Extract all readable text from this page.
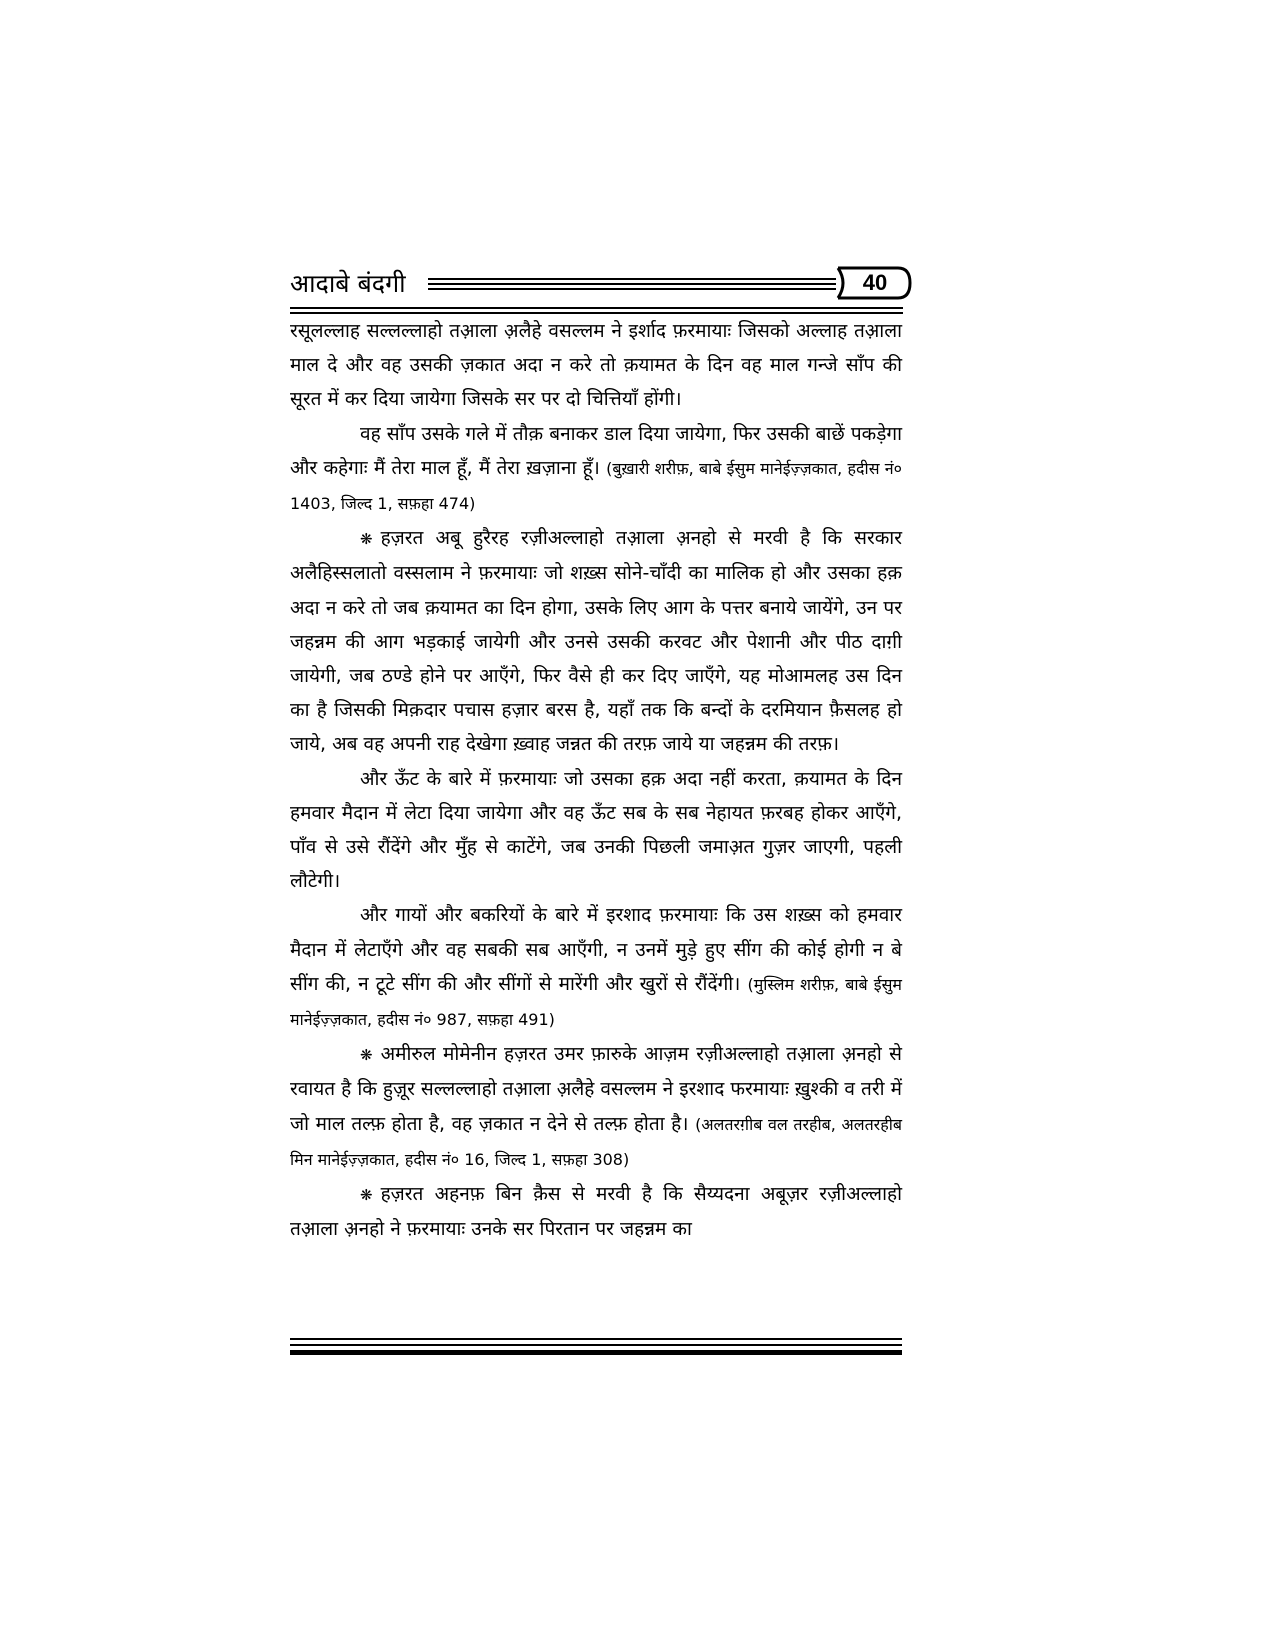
आदाबे बंदगी	40

रसूलल्लाह सल्लल्लाहो तआ़ला अ़लैहे वसल्लम ने इर्शाद फ़रमायाः जिसको अल्लाह तआ़ला माल दे और वह उसकी ज़कात अदा न करे तो क़यामत के दिन वह माल गन्जे साँप की सूरत में कर दिया जायेगा जिसके सर पर दो चित्तियाँ होंगी।

वह साँप उसके गले में तौक़ बनाकर डाल दिया जायेगा, फिर उसकी बाछें पकड़ेगा और कहेगाः मैं तेरा माल हूँ, मैं तेरा ख़ज़ाना हूँ। (बुख़ारी शरीफ़, बाबे ईसुम मानेईज़्ज़कात, हदीस नं० 1403, जिल्द 1, सफ़हा 474)

❋ हज़रत अबू हुरैरह रज़ीअल्लाहो तआ़ला अ़नहो से मरवी है कि सरकार अलैहिस्सलातो वस्सलाम ने फ़रमायाः जो शख़्स सोने-चाँदी का मालिक हो और उसका हक़ अदा न करे तो जब क़यामत का दिन होगा, उसके लिए आग के पत्तर बनाये जायेंगे, उन पर जहन्नम की आग भड़काई जायेगी और उनसे उसकी करवट और पेशानी और पीठ दाग़ी जायेगी, जब ठण्डे होने पर आएँगे, फिर वैसे ही कर दिए जाएँगे, यह मोआमलह उस दिन का है जिसकी मिक़दार पचास हज़ार बरस है, यहाँ तक कि बन्दों के दरमियान फ़ैसलह हो जाये, अब वह अपनी राह देखेगा ख़्वाह जन्नत की तरफ़ जाये या जहन्नम की तरफ़।

और ऊँट के बारे में फ़रमायाः जो उसका हक़ अदा नहीं करता, क़यामत के दिन हमवार मैदान में लेटा दिया जायेगा और वह ऊँट सब के सब नेहायत फ़रबह होकर आएँगे, पाँव से उसे रौंदेंगे और मुँह से काटेंगे, जब उनकी पिछली जमाअ़त गुज़र जाएगी, पहली लौटेगी।

और गायों और बकरियों के बारे में इरशाद फ़रमायाः कि उस शख़्स को हमवार मैदान में लेटाएँगे और वह सबकी सब आएँगी, न उनमें मुड़े हुए सींग की कोई होगी न बे सींग की, न टूटे सींग की और सींगों से मारेंगी और खुरों से रौंदेंगी। (मुस्लिम शरीफ़, बाबे ईसुम मानेईज़्ज़कात, हदीस नं० 987, सफ़हा 491)

❋ अमीरुल मोमेनीन हज़रत उमर फ़ारुके आज़म रज़ीअल्लाहो तआ़ला अ़नहो से रवायत है कि हुज़ूर सल्लल्लाहो तआ़ला अ़लैहे वसल्लम ने इरशाद फरमायाः ख़ुश्की व तरी में जो माल तल्फ़ होता है, वह ज़कात न देने से तल्फ़ होता है। (अलतरग़ीब वल तरहीब, अलतरहीब मिन मानेईज़्ज़कात, हदीस नं० 16, जिल्द 1, सफ़हा 308)

❋ हज़रत अहनफ़ बिन क़ैस से मरवी है कि सैय्यदना अबूज़र रज़ीअल्लाहो तआ़ला अ़नहो ने फ़रमायाः उनके सर पिरतान पर जहन्नम का
